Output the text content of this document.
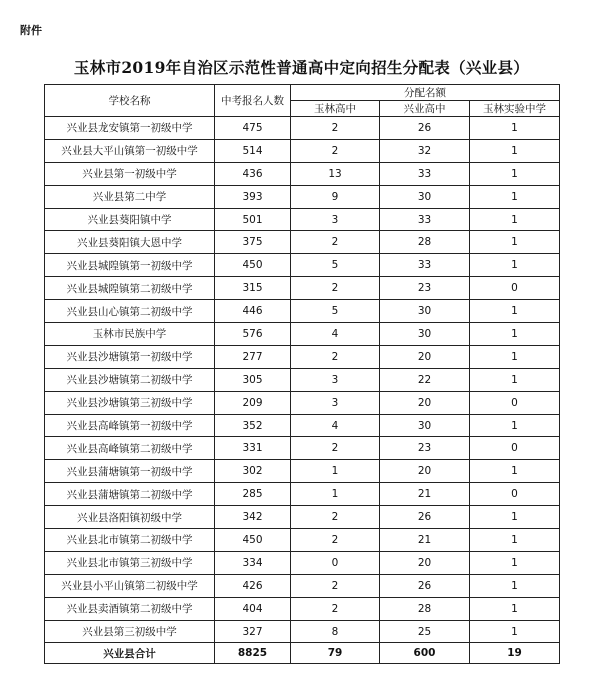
附件
玉林市2019年自治区示范性普通高中定向招生分配表（兴业县）
学校名称	中考报名人数	分配名额		
		玉林高中	兴业高中	玉林实验中学
兴业县龙安镇第一初级中学	475	2	26	1
兴业县大平山镇第一初级中学	514	2	32	1
兴业县第一初级中学	436	13	33	1
兴业县第二中学	393	9	30	1
兴业县葵阳镇中学	501	3	33	1
兴业县葵阳镇大恩中学	375	2	28	1
兴业县城隍镇第一初级中学	450	5	33	1
兴业县城隍镇第二初级中学	315	2	23	0
兴业县山心镇第二初级中学	446	5	30	1
玉林市民族中学	576	4	30	1
兴业县沙塘镇第一初级中学	277	2	20	1
兴业县沙塘镇第二初级中学	305	3	22	1
兴业县沙塘镇第三初级中学	209	3	20	0
兴业县高峰镇第一初级中学	352	4	30	1
兴业县高峰镇第二初级中学	331	2	23	0
兴业县蒲塘镇第一初级中学	302	1	20	1
兴业县蒲塘镇第二初级中学	285	1	21	0
兴业县洛阳镇初级中学	342	2	26	1
兴业县北市镇第二初级中学	450	2	21	1
兴业县北市镇第三初级中学	334	0	20	1
兴业县小平山镇第二初级中学	426	2	26	1
兴业县卖酒镇第二初级中学	404	2	28	1
兴业县第三初级中学	327	8	25	1
兴业县合计	8825	79	600	19
